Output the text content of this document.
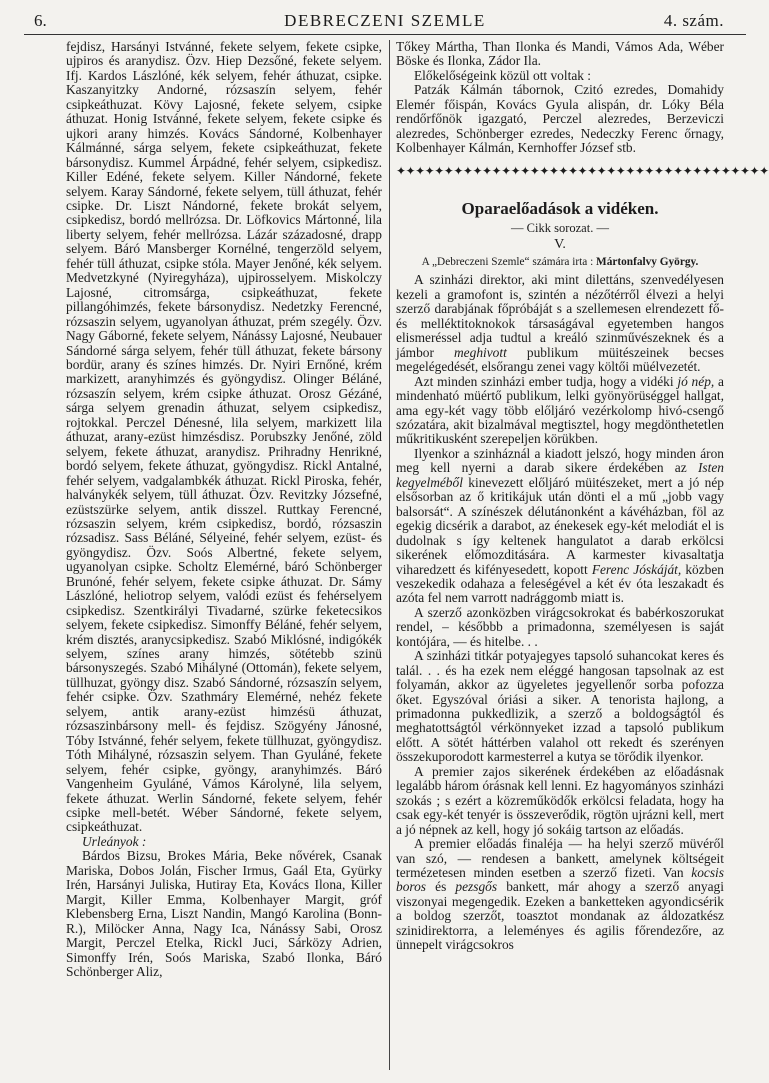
6.	DEBRECZENI SZEMLE	4. szám.

fejdisz, Harsányi Istvánné, fekete selyem, fekete csipke, ujpiros és aranydisz. Özv. Hiep Dezsőné, fekete selyem. Ifj. Kardos Lászlóné, kék selyem, fehér áthuzat, csipke. Kaszanyitzky Andorné, rózsaszín selyem, fehér csipkeáthuzat. Kövy Lajosné, fekete selyem, csipke áthuzat. Honig Istvánné, fekete selyem, fekete csipke és ujkori arany himzés. Kovács Sándorné, Kolbenhayer Kálmánné, sárga selyem, fekete csipkeáthuzat, fekete bársonydisz. Kummel Árpádné, fehér selyem, csipkedisz. Killer Edéné, fekete selyem. Killer Nándorné, fekete selyem. Karay Sándorné, fekete selyem, tüll áthuzat, fehér csipke. Dr. Liszt Nándorné, fekete brokát selyem, csipkedisz, bordó mellrózsa. Dr. Löfkovics Mártonné, lila liberty selyem, fehér mellrózsa. Lázár századosné, drapp selyem. Báró Mansberger Kornélné, tengerzöld selyem, fehér tüll áthuzat, csipke stóla. Mayer Jenőné, kék selyem. Medvetzkyné (Nyiregyháza), ujpirosselyem. Miskolczy Lajosné, citromsárga, csipkeáthuzat, fekete pillangóhimzés, fekete bársonydisz. Nedetzky Ferencné, rózsaszin selyem, ugyanolyan áthuzat, prém szegély. Özv. Nagy Gáborné, fekete selyem, Nánássy Lajosné, Neubauer Sándorné sárga selyem, fehér tüll áthuzat, fekete bársony bordür, arany és színes himzés. Dr. Nyiri Ernőné, krém markizett, aranyhimzés és gyöngydisz. Olinger Béláné, rózsaszín selyem, krém csipke áthuzat. Orosz Gézáné, sárga selyem grenadin áthuzat, selyem csipkedisz, rojtokkal. Perczel Dénesné, lila selyem, markizett lila áthuzat, arany-ezüst himzésdisz. Porubszky Jenőné, zöld selyem, fekete áthuzat, aranydisz. Prihradny Henrikné, bordó selyem, fekete áthuzat, gyöngydisz. Rickl Antalné, fehér selyem, vadgalambkék áthuzat. Rickl Piroska, fehér, halványkék selyem, tüll áthuzat. Özv. Revitzky Józsefné, ezüstszürke selyem, antik disszel. Ruttkay Ferencné, rózsaszin selyem, krém csipkedisz, bordó, rózsaszin rózsadisz. Sass Béláné, Sélyeiné, fehér selyem, ezüst- és gyöngydisz. Özv. Soós Albertné, fekete selyem, ugyanolyan csipke. Scholtz Elemérné, báró Schönberger Brunóné, fehér selyem, fekete csipke áthuzat. Dr. Sámy Lászlóné, heliotrop selyem, valódi ezüst és fehérselyem csipkedisz. Szentkirályi Tivadarné, szürke feketecsikos selyem, fekete csipkedisz. Simonffy Béláné, fehér selyem, krém disztés, aranycsipkedisz. Szabó Miklósné, indigókék selyem, színes arany himzés, sötétebb szinü bársonyszegés. Szabó Mihályné (Ottomán), fekete selyem, tüllhuzat, gyöngy disz. Szabó Sándorné, rózsaszín selyem, fehér csipke. Özv. Szathmáry Elemérné, nehéz fekete selyem, antik arany-ezüst himzésü áthuzat, rózsaszinbársony mell- és fejdisz. Szögyény Jánosné, Tóby Istvánné, fehér selyem, fekete tüllhuzat, gyöngydisz. Tóth Mihályné, rózsaszin selyem. Than Gyuláné, fekete selyem, fehér csipke, gyöngy, aranyhimzés. Báró Vangenheim Gyuláné, Vámos Károlyné, lila selyem, fekete áthuzat. Werlin Sándorné, fekete selyem, fehér csipke mell-betét. Wéber Sándorné, fekete selyem, csipkeáthuzat.

Urleányok :

Bárdos Bizsu, Brokes Mária, Beke nővérek, Csanak Mariska, Dobos Jolán, Fischer Irmus, Gaál Eta, Gyürky Irén, Harsányi Juliska, Hutiray Eta, Kovács Ilona, Killer Margit, Killer Emma, Kolbenhayer Margit, gróf Klebensberg Erna, Liszt Nandin, Mangó Karolina (Bonn-R.), Milöcker Anna, Nagy Ica, Nánássy Sabi, Orosz Margit, Perczel Etelka, Rickl Juci, Sárközy Adrien, Simonffy Irén, Soós Mariska, Szabó Ilonka, Báró Schönberger Aliz,

Tőkey Mártha, Than Ilonka és Mandi, Vámos Ada, Wéber Böske és Ilonka, Zádor Ila.

Előkelőségeink közül ott voltak :

Patzák Kálmán tábornok, Czitó ezredes, Domahidy Elemér főispán, Kovács Gyula alispán, dr. Lóky Béla rendőrfőnök igazgató, Perczel alezredes, Berzeviczi alezredes, Schönberger ezredes, Nedeczky Ferenc őrnagy, Kolbenhayer Kálmán, Kernhoffer József stb.

✦✦✦✦✦✦✦✦✦✦✦✦✦✦✦✦✦✦✦✦✦✦✦✦✦✦✦✦✦✦✦✦✦✦✦✦✦✦✦
Oparaelőadások a vidéken.
— Cikk sorozat. —
V.
A „Debreczeni Szemle“ számára irta : Mártonfalvy György.

A szinházi direktor, aki mint dilettáns, szenvedélyesen kezeli a gramofont is, szintén a nézőtérről élvezi a helyi szerző darabjának főpróbáját s a szellemesen elrendezett fő- és melléktitoknokok társaságával egyetemben hangos elismeréssel adja tudtul a kreáló szinművészeknek és a jámbor meghivott publikum müitészeinek becses megelégedését, elsőrangu zenei vagy költői müélvezetét.

Azt minden szinházi ember tudja, hogy a vidéki jó nép, a mindenható müértő publikum, lelki gyönyörüséggel hallgat, ama egy-két vagy több előljáró vezérkolomp hivó-csengő szózatára, akit bizalmával megtisztel, hogy megdönthetetlen műkritikusként szerepeljen körükben.

Ilyenkor a szinháznál a kiadott jelszó, hogy minden áron meg kell nyerni a darab sikere érdekében az Isten kegyelméből kinevezett előljáró müitészeket, mert a jó nép elsősorban az ő kritikájuk után dönti el a mű „jobb vagy balsorsát“. A színészek délutánonként a kávéházban, föl az egekig dicsérik a darabot, az énekesek egy-két melodiát el is dudolnak s így keltenek hangulatot a darab erkölcsi sikerének előmozditására. A karmester kivasaltatja viharedzett és kifényesedett, kopott Ferenc Jóskáját, közben veszekedik odahaza a feleségével a két év óta leszakadt és azóta fel nem varrott nadrággomb miatt is.

A szerző azonközben virágcsokrokat és babérkoszorukat rendel, – későbbb a primadonna, személyesen is saját kontójára, — és hitelbe. . .

A szinházi titkár potyajegyes tapsoló suhancokat keres és talál. . . és ha ezek nem eléggé hangosan tapsolnak az est folyamán, akkor az ügyeletes jegyellenőr sorba pofozza őket. Egyszóval óriási a siker. A tenorista hajlong, a primadonna pukkedlizik, a szerző a boldogságtól és meghatottságtól vérkönnyeket izzad a tapsoló publikum előtt. A sötét háttérben valahol ott rekedt és szerényen összekuporodott karmesterrel a kutya se törődik ilyenkor.

A premier zajos sikerének érdekében az előadásnak legalább három órásnak kell lenni. Ez hagyományos szinházi szokás ; s ezért a közreműködők erkölcsi feladata, hogy ha csak egy-két tenyér is összeverődik, rögtön ujrázni kell, mert a jó népnek az kell, hogy jó sokáig tartson az előadás.

A premier előadás finaléja — ha helyi szerző müvéről van szó, — rendesen a bankett, amelynek költségeit termézetesen minden esetben a szerző fizeti. Van kocsis boros és pezsgős bankett, már ahogy a szerző anyagi viszonyai megengedik. Ezeken a banketteken agyondicsérik a boldog szerzőt, toasztot mondanak az áldozatkész szinidirektorra, a leleményes és agilis főrendezőre, az ünnepelt virágcsokros
